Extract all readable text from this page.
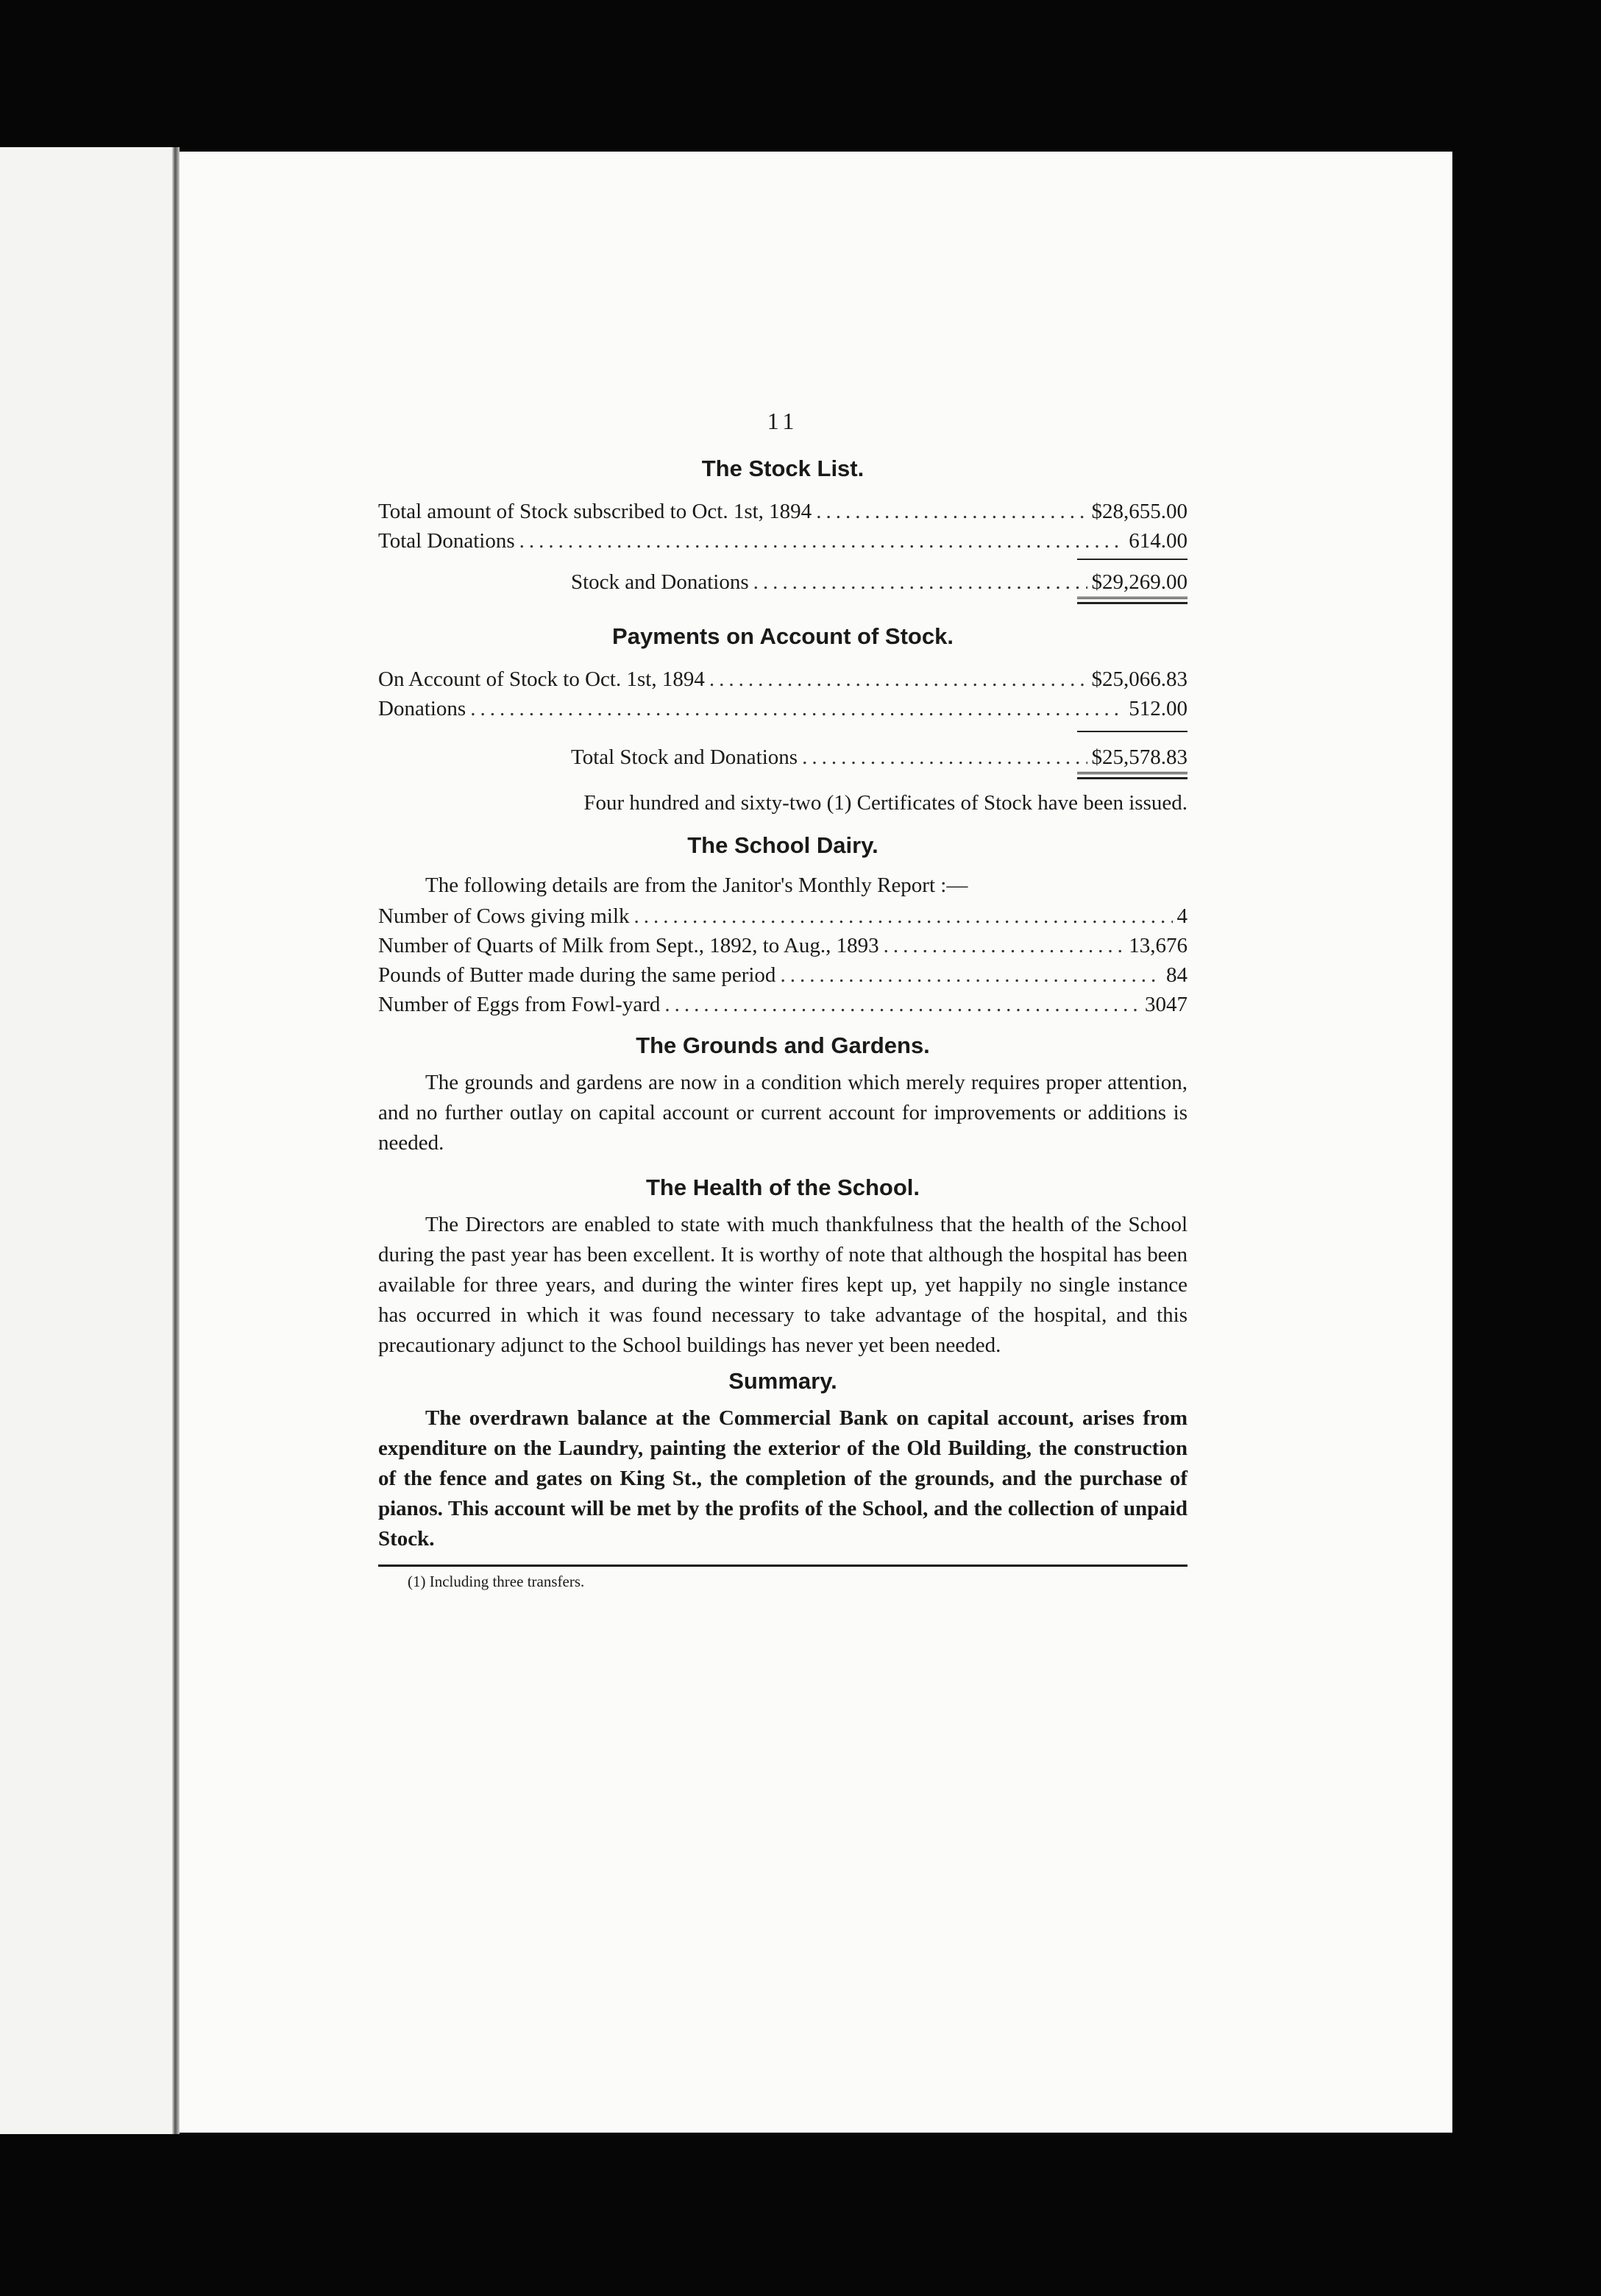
11
The Stock List.
Total amount of Stock subscribed to Oct. 1st, 1894 .....	$28,655.00
Total Donations .....	614.00
Stock and Donations .....	$29,269.00
Payments on Account of Stock.
On Account of Stock to Oct. 1st, 1894 .....	$25,066.83
Donations .....	512.00
Total Stock and Donations .....	$25,578.83
Four hundred and sixty-two (1) Certificates of Stock have been issued.
The School Dairy.
The following details are from the Janitor's Monthly Report :—
Number of Cows giving milk .....	4
Number of Quarts of Milk from Sept., 1892, to Aug., 1893 .....	13,676
Pounds of Butter made during the same period .....	84
Number of Eggs from Fowl-yard .....	3047
The Grounds and Gardens.

The grounds and gardens are now in a condition which merely requires proper attention, and no further outlay on capital account or current account for improvements or additions is needed.

The Health of the School.

The Directors are enabled to state with much thankfulness that the health of the School during the past year has been excellent. It is worthy of note that although the hospital has been available for three years, and during the winter fires kept up, yet happily no single instance has occurred in which it was found necessary to take advantage of the hospital, and this precautionary adjunct to the School buildings has never yet been needed.

Summary.

The overdrawn balance at the Commercial Bank on capital account, arises from expenditure on the Laundry, painting the exterior of the Old Building, the construction of the fence and gates on King St., the completion of the grounds, and the purchase of pianos. This account will be met by the profits of the School, and the collection of unpaid Stock.

(1) Including three transfers.
